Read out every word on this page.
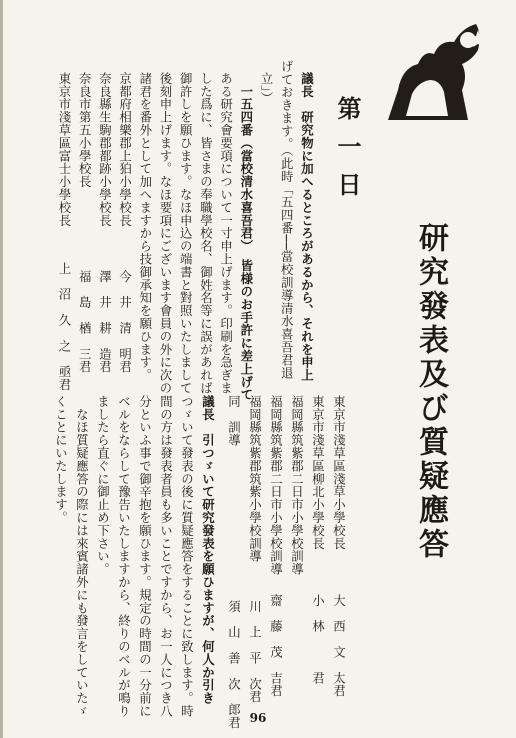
研究發表及び質疑應答
第一日
東京市淺草區淺草小學校長
東京市淺草區柳北小學校長
福岡縣筑紫郡二日市小學校訓導
福岡縣筑紫郡二日市小學校訓導
福岡縣筑紫郡筑紫小學校訓導
同　訓導
議長　引つゞいて研究發表を願ひますが、何人か引き
つゞいて發表の後に質疑應答をすることに致します。時
間の方は發表者員も多いことですから、お一人につき八
分といふ事で御辛抱を願ひます。規定の時間の一分前に
ベルをならして豫告いたしますから、終りのベルが鳴り
ましたら直ぐに御止め下さい。
　なほ質疑應答の際には來賓諸外にも發言をしていたゞ
くことにいたします。
大　西　文　太君
小　林　　　君
齋　藤　茂　吉君
川　上　平　次君
須　山　善　次　郎君
議長　研究物に加へるところがあるから、それを申上
げておきます。（此時「五四番──當校訓導清水喜吾君退
立」）
　一五四番（當校清水喜吾君）　皆様のお手許に差上げて
ある研究會要項について一寸申上げます。印刷を急ぎま
した爲に、皆さまの奉職學校名、御姓名等に誤があれば
御許しを願ひます。なほ申込の端書と對照いたしまして
後刻申上げます。なほ要項にございます會員の外に次の
諸君を番外として加へますから技御承知を願ひます。
京都府相樂郡上狛小學校長
奈良縣生駒郡都跡小學校長
奈良市第五小學校長
東京市淺草區富士小學校長
今　井　清　明君
澤　井　耕　造君
福　島　楢　三君
上　沼　久　之　亟君
96
